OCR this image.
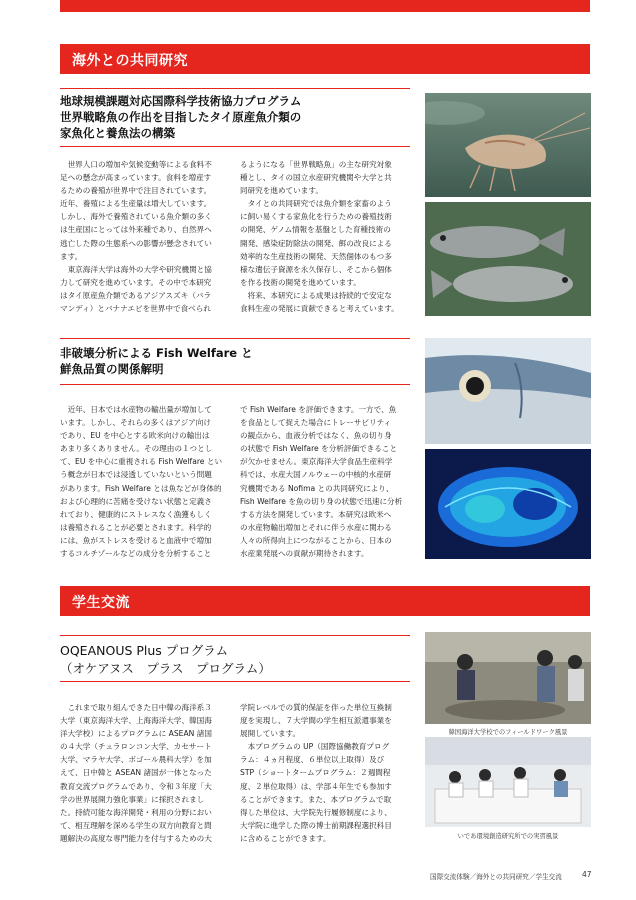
海外との共同研究
地球規模課題対応国際科学技術協力プログラム
世界戦略魚の作出を目指したタイ原産魚介類の
家魚化と養魚法の構築
　世界人口の増加や気候変動等による食料不
足への懸念が高まっています。食料を増産す
るための養殖が世界中で注目されています。
近年、養殖による生産量は増大しています。
しかし、海外で養殖されている魚介類の多く
は生産国にとっては外来種であり、自然界へ
逃亡した際の生態系への影響が懸念されてい
ます。
　東京海洋大学は海外の大学や研究機関と協
力して研究を進めています。その中で本研究
はタイ原産魚介類であるアジアスズキ（バラ
マンディ）とバナナエビを世界中で食べられ
るようになる「世界戦略魚」の主な研究対象
種とし、タイの国立水産研究機関や大学と共
同研究を進めています。
　タイとの共同研究では魚介類を家畜のよう
に飼い易くする家魚化を行うための養殖技術
の開発、ゲノム情報を基盤とした育種技術の
開発、感染症防除法の開発、餌の改良による
効率的な生産技術の開発、天然個体のもつ多
様な遺伝子資源を永久保存し、そこから個体
を作る技術の開発を進めています。
　将来、本研究による成果は持続的で安定な
食料生産の発展に貢献できると考えています。
非破壊分析による Fish Welfare と
鮮魚品質の関係解明
　近年、日本では水産物の輸出量が増加して
います。しかし、それらの多くはアジア向け
であり、EU を中心とする欧米向けの輸出は
あまり多くありません。その理由の１つとし
て、EU を中心に重視される Fish Welfare とい
う概念が日本では浸透していないという問題
があります。Fish Welfare とは魚などが身体的
および心理的に苦痛を受けない状態と定義さ
れており、健康的にストレスなく漁獲もしく
は養殖されることが必要とされます。科学的
には、魚がストレスを受けると血液中で増加
するコルチゾールなどの成分を分析すること
で Fish Welfare を評価できます。一方で、魚
を食品として捉えた場合にトレーサビリティ
の観点から、血液分析ではなく、魚の切り身
の状態で Fish Welfare を分析評価できること
が欠かせません。東京海洋大学食品生産科学
科では、水産大国ノルウェーの中核的水産研
究機関である Nofima との共同研究により、
Fish Welfare を魚の切り身の状態で迅速に分析
する方法を開発しています。本研究は欧米へ
の水産物輸出増加とそれに伴う水産に関わる
人々の所得向上につながることから、日本の
水産業発展への貢献が期待されます。
学生交流
OQEANOUS Plus プログラム
（オケアヌス　プラス　プログラム）
　これまで取り組んできた日中韓の海洋系３
大学（東京海洋大学、上海海洋大学、韓国海
洋大学校）によるプログラムに ASEAN 諸国
の４大学（チュラロンコン大学、カセサート
大学、マラヤ大学、ボゴール農科大学）を加
えて、日中韓と ASEAN 諸国が一体となった
教育交流プログラムであり、令和３年度「大
学の世界展開力強化事業」に採択されまし
た。持続可能な海洋開発・利用の分野におい
て、相互理解を深める学生の双方向教育と問
題解決の高度な専門能力を付与するための大
学院レベルでの質的保証を伴った単位互換制
度を実現し、７大学間の学生相互派遣事業を
展開しています。
　本プログラムの UP（国際協働教育プログ
ラム：４ヵ月程度、６単位以上取得）及び
STP（ショートタームプログラム：２週間程
度、２単位取得）は、学部４年生でも参加す
ることができます。また、本プログラムで取
得した単位は、大学院先行履修制度により、
大学院に進学した際の博士前期課程選択科目
に含めることができます。
韓国海洋大学校でのフィールドワーク風景
いであ環境創造研究所での実習風景
国際交流体験／海外との共同研究／学生交流	47
